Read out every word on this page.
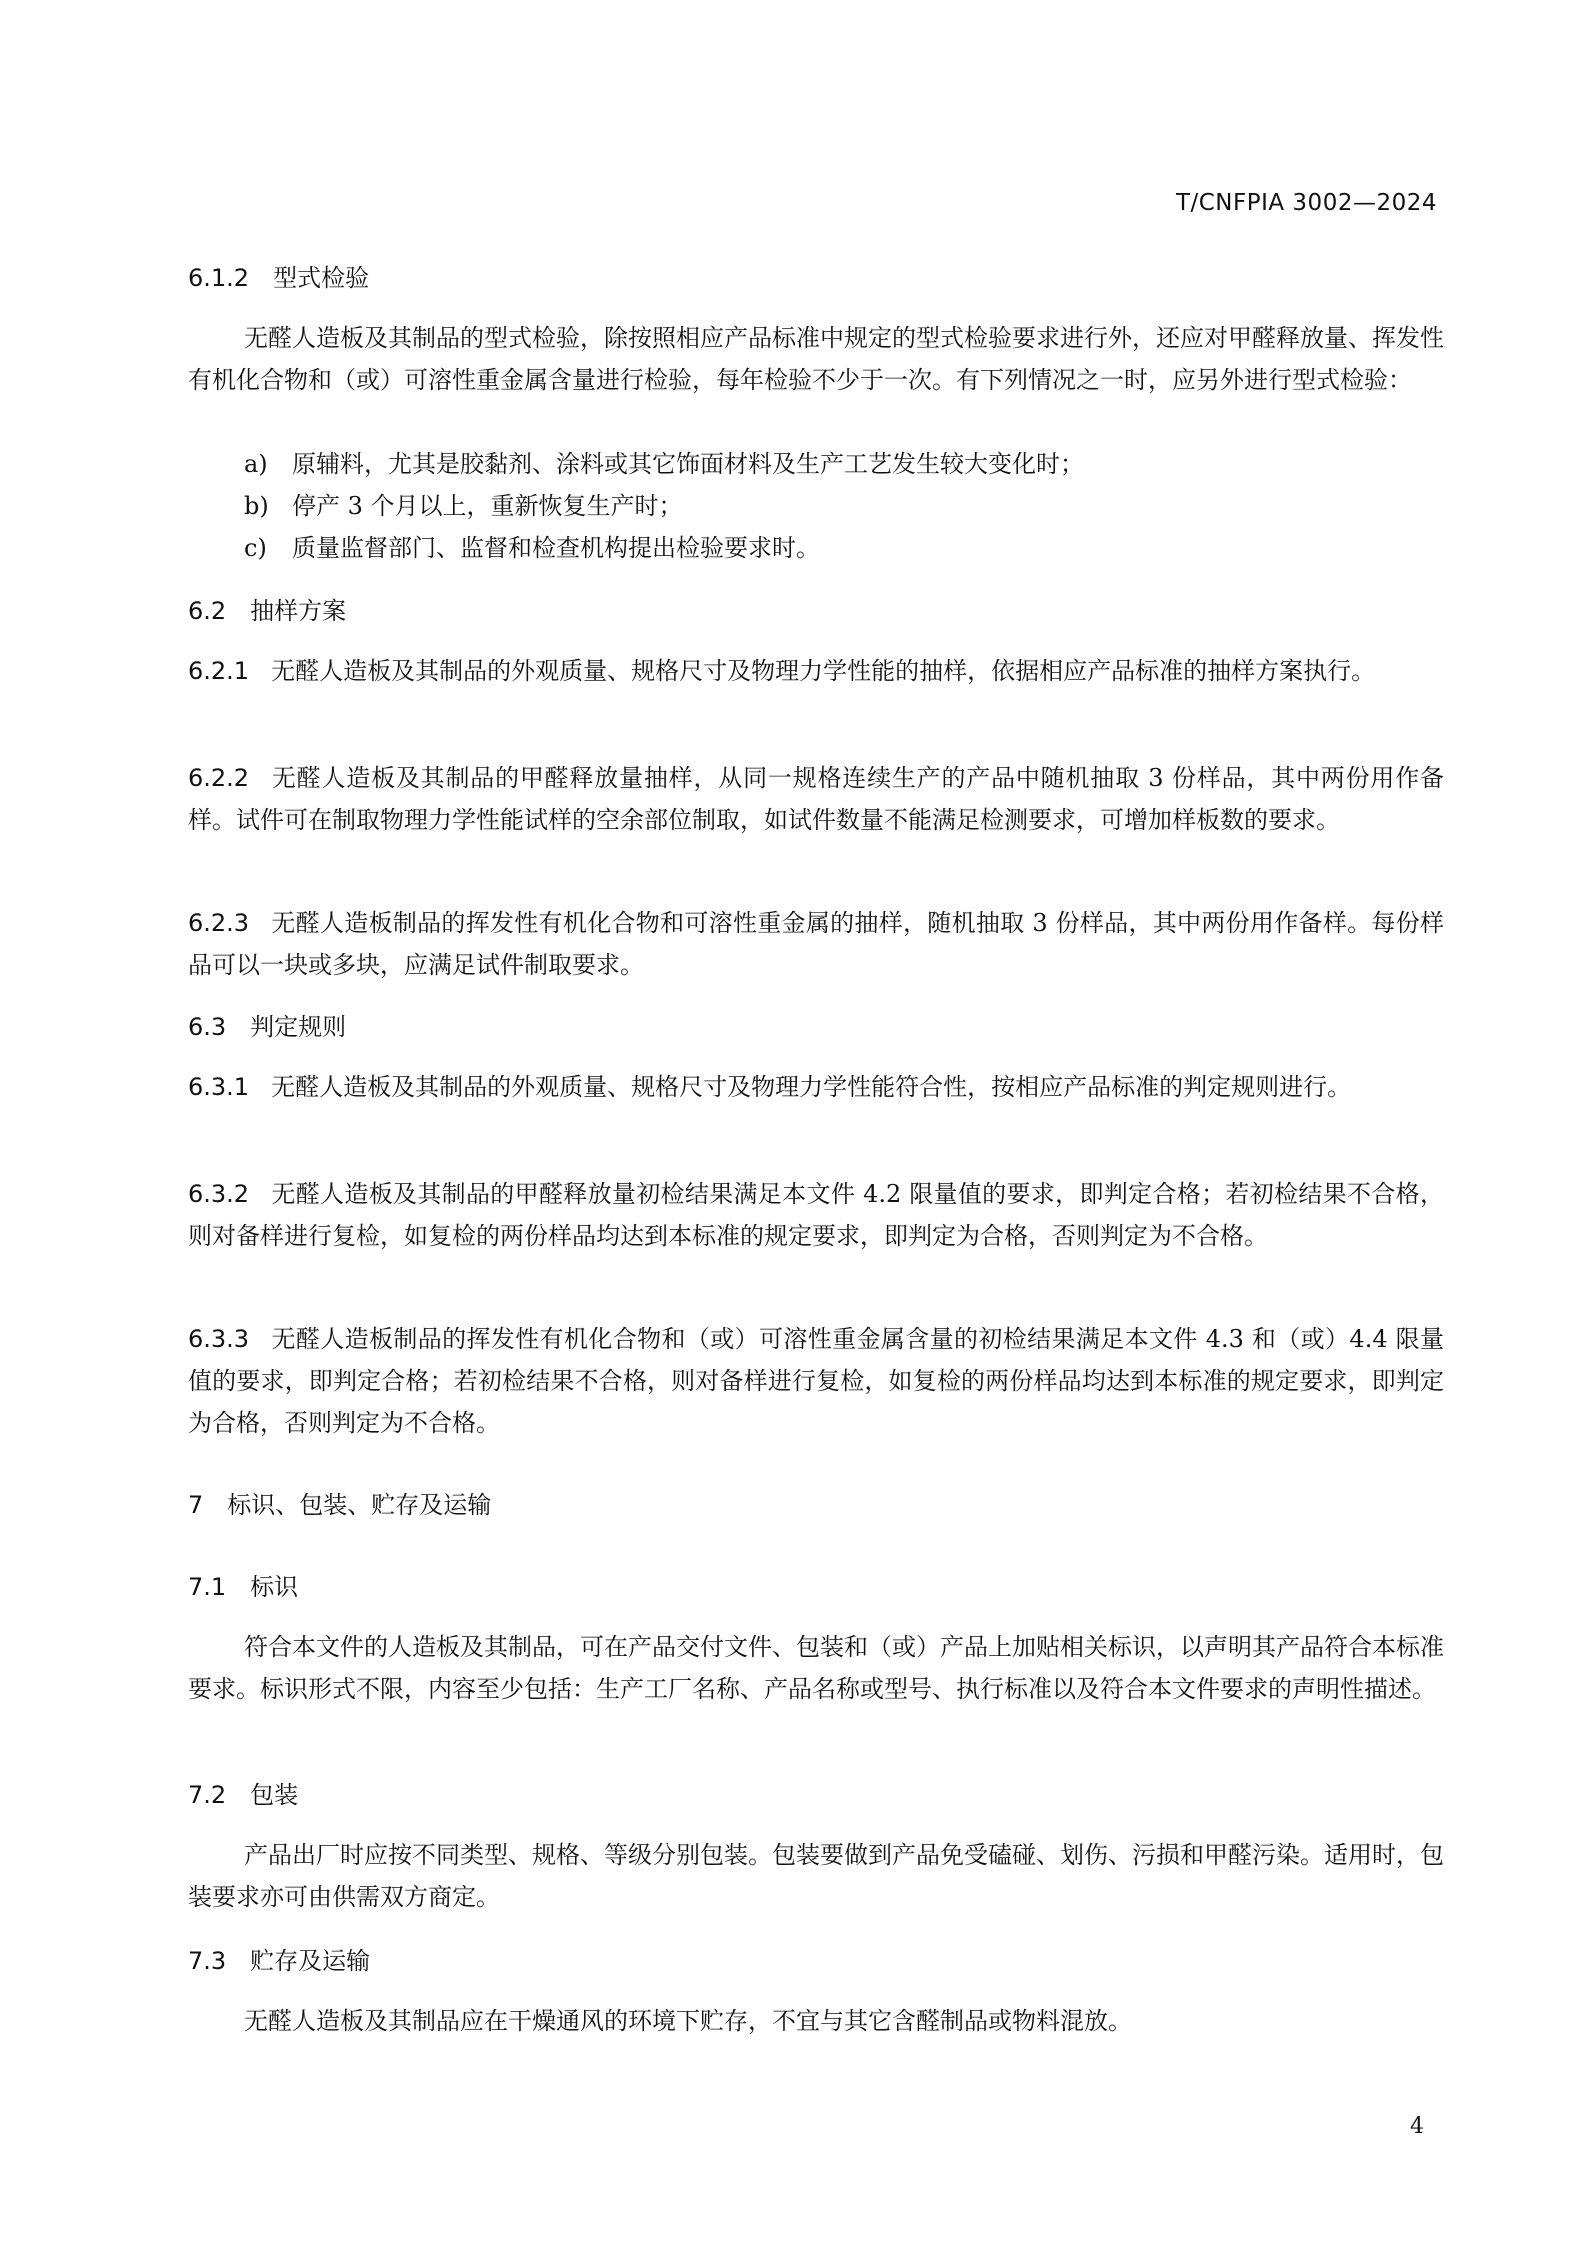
T/CNFPIA 3002—2024
6.1.2 型式检验

无醛人造板及其制品的型式检验，除按照相应产品标准中规定的型式检验要求进行外，还应对甲醛释放量、挥发性有机化合物和（或）可溶性重金属含量进行检验，每年检验不少于一次。有下列情况之一时，应另外进行型式检验：

a) 原辅料，尤其是胶黏剂、涂料或其它饰面材料及生产工艺发生较大变化时；
b) 停产 3 个月以上，重新恢复生产时；
c) 质量监督部门、监督和检查机构提出检验要求时。
6.2 抽样方案

6.2.1 无醛人造板及其制品的外观质量、规格尺寸及物理力学性能的抽样，依据相应产品标准的抽样方案执行。

6.2.2 无醛人造板及其制品的甲醛释放量抽样，从同一规格连续生产的产品中随机抽取 3 份样品，其中两份用作备样。试件可在制取物理力学性能试样的空余部位制取，如试件数量不能满足检测要求，可增加样板数的要求。

6.2.3 无醛人造板制品的挥发性有机化合物和可溶性重金属的抽样，随机抽取 3 份样品，其中两份用作备样。每份样品可以一块或多块，应满足试件制取要求。

6.3 判定规则

6.3.1 无醛人造板及其制品的外观质量、规格尺寸及物理力学性能符合性，按相应产品标准的判定规则进行。

6.3.2 无醛人造板及其制品的甲醛释放量初检结果满足本文件 4.2 限量值的要求，即判定合格；若初检结果不合格，则对备样进行复检，如复检的两份样品均达到本标准的规定要求，即判定为合格，否则判定为不合格。

6.3.3 无醛人造板制品的挥发性有机化合物和（或）可溶性重金属含量的初检结果满足本文件 4.3 和（或）4.4 限量值的要求，即判定合格；若初检结果不合格，则对备样进行复检，如复检的两份样品均达到本标准的规定要求，即判定为合格，否则判定为不合格。

7 标识、包装、贮存及运输
7.1 标识

符合本文件的人造板及其制品，可在产品交付文件、包装和（或）产品上加贴相关标识，以声明其产品符合本标准要求。标识形式不限，内容至少包括：生产工厂名称、产品名称或型号、执行标准以及符合本文件要求的声明性描述。

7.2 包装

产品出厂时应按不同类型、规格、等级分别包装。包装要做到产品免受磕碰、划伤、污损和甲醛污染。适用时，包装要求亦可由供需双方商定。

7.3 贮存及运输

无醛人造板及其制品应在干燥通风的环境下贮存，不宜与其它含醛制品或物料混放。

4
